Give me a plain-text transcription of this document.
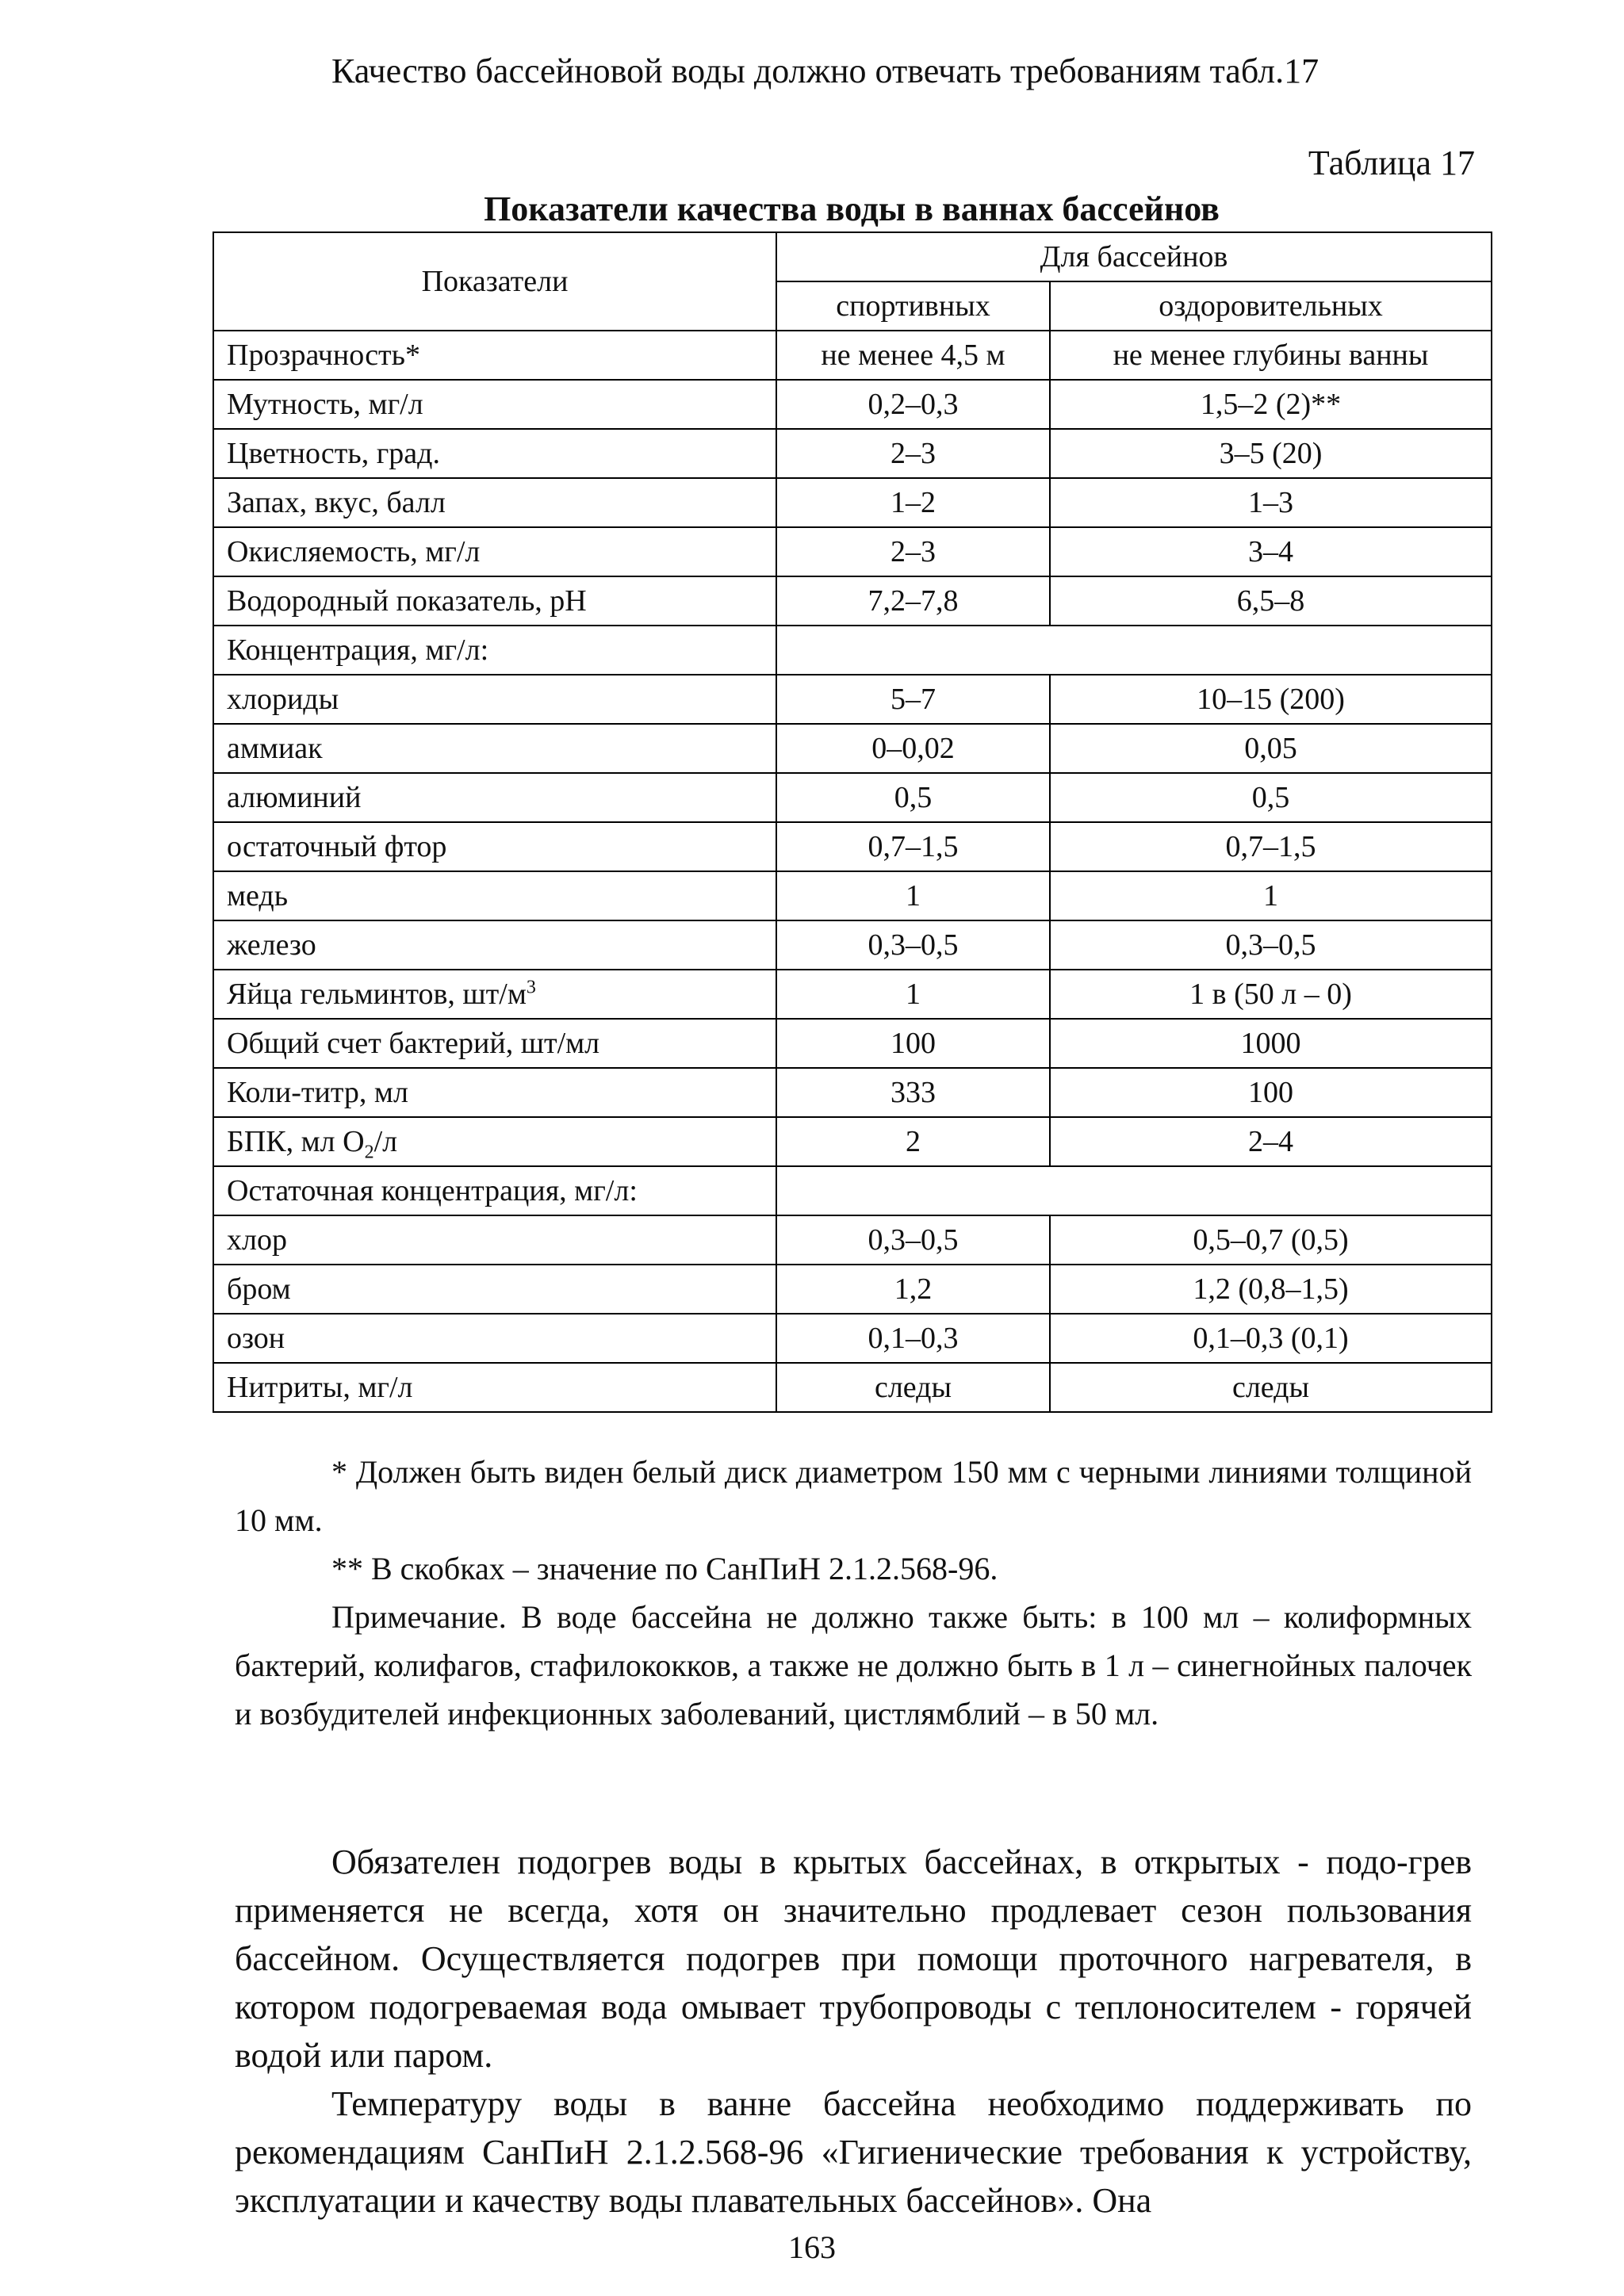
Качество бассейновой воды должно отвечать требованиям табл.17
Таблица 17
Показатели качества воды в ваннах бассейнов
Показатели	Для бассейнов	
	спортивных	оздоровительных
Прозрачность*	не менее 4,5 м	не менее глубины ванны
Мутность, мг/л	0,2–0,3	1,5–2 (2)**
Цветность, град.	2–3	3–5 (20)
Запах, вкус, балл	1–2	1–3
Окисляемость, мг/л	2–3	3–4
Водородный показатель, pH	7,2–7,8	6,5–8
Концентрация, мг/л:		
хлориды	5–7	10–15 (200)
аммиак	0–0,02	0,05
алюминий	0,5	0,5
остаточный фтор	0,7–1,5	0,7–1,5
медь	1	1
железо	0,3–0,5	0,3–0,5
Яйца гельминтов, $шт/м^3$	1	1 в (50 л – 0)
Общий счет бактерий, шт/мл	100	1000
Коли-титр, мл	333	100
БПК, мл $О_2/л$	2	2–4
Остаточная концентрация, мг/л:		
хлор	0,3–0,5	0,5–0,7 (0,5)
бром	1,2	1,2 (0,8–1,5)
озон	0,1–0,3	0,1–0,3 (0,1)
Нитриты, мг/л	следы	следы

* Должен быть виден белый диск диаметром 150 мм с черными линиями толщиной 10 мм.

** В скобках – значение по СанПиН 2.1.2.568-96.

Примечание. В воде бассейна не должно также быть: в 100 мл – колиформных бактерий, колифагов, стафилококков, а также не должно быть в 1 л – синегнойных палочек и возбудителей инфекционных заболеваний, цистлямблий – в 50 мл.

Обязателен подогрев воды в крытых бассейнах, в открытых - подо-грев применяется не всегда, хотя он значительно продлевает сезон пользования бассейном. Осуществляется подогрев при помощи проточного нагревателя, в котором подогреваемая вода омывает трубопроводы с теплоносителем - горячей водой или паром.

Температуру воды в ванне бассейна необходимо поддерживать по рекомендациям СанПиН 2.1.2.568-96 «Гигиенические требования к устройству, эксплуатации и качеству воды плавательных бассейнов». Она

163
